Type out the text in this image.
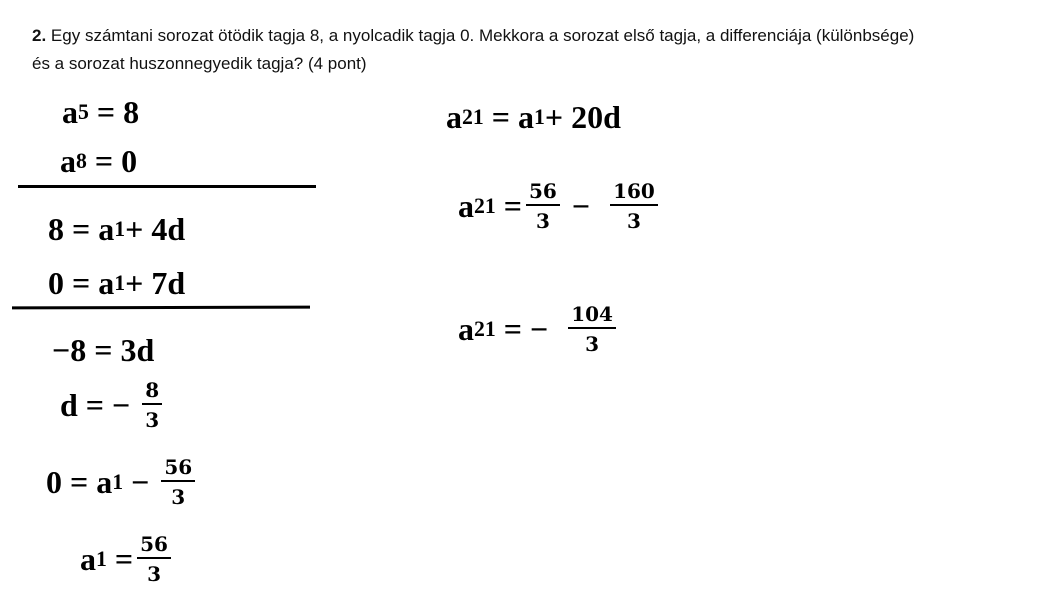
2. Egy számtani sorozat ötödik tagja 8, a nyolcadik tagja 0. Mekkora a sorozat első tagja, a differenciája (különbsége)
és a sorozat huszonnegyedik tagja? (4 pont)
a 5 = 8
a 8 = 0
8 = a 1 + 4d
0 = a 1 + 7d
−8 = 3d
d = − $\frac{8}{3}$
0 = a $1 - \frac{56}{3}$
a $1 = \frac{56}{3}$
a 21 = a 1 + 20d
a $21 = \frac{56}{3} - \frac{160}{3}$
a 21 = − $\frac{104}{3}$
